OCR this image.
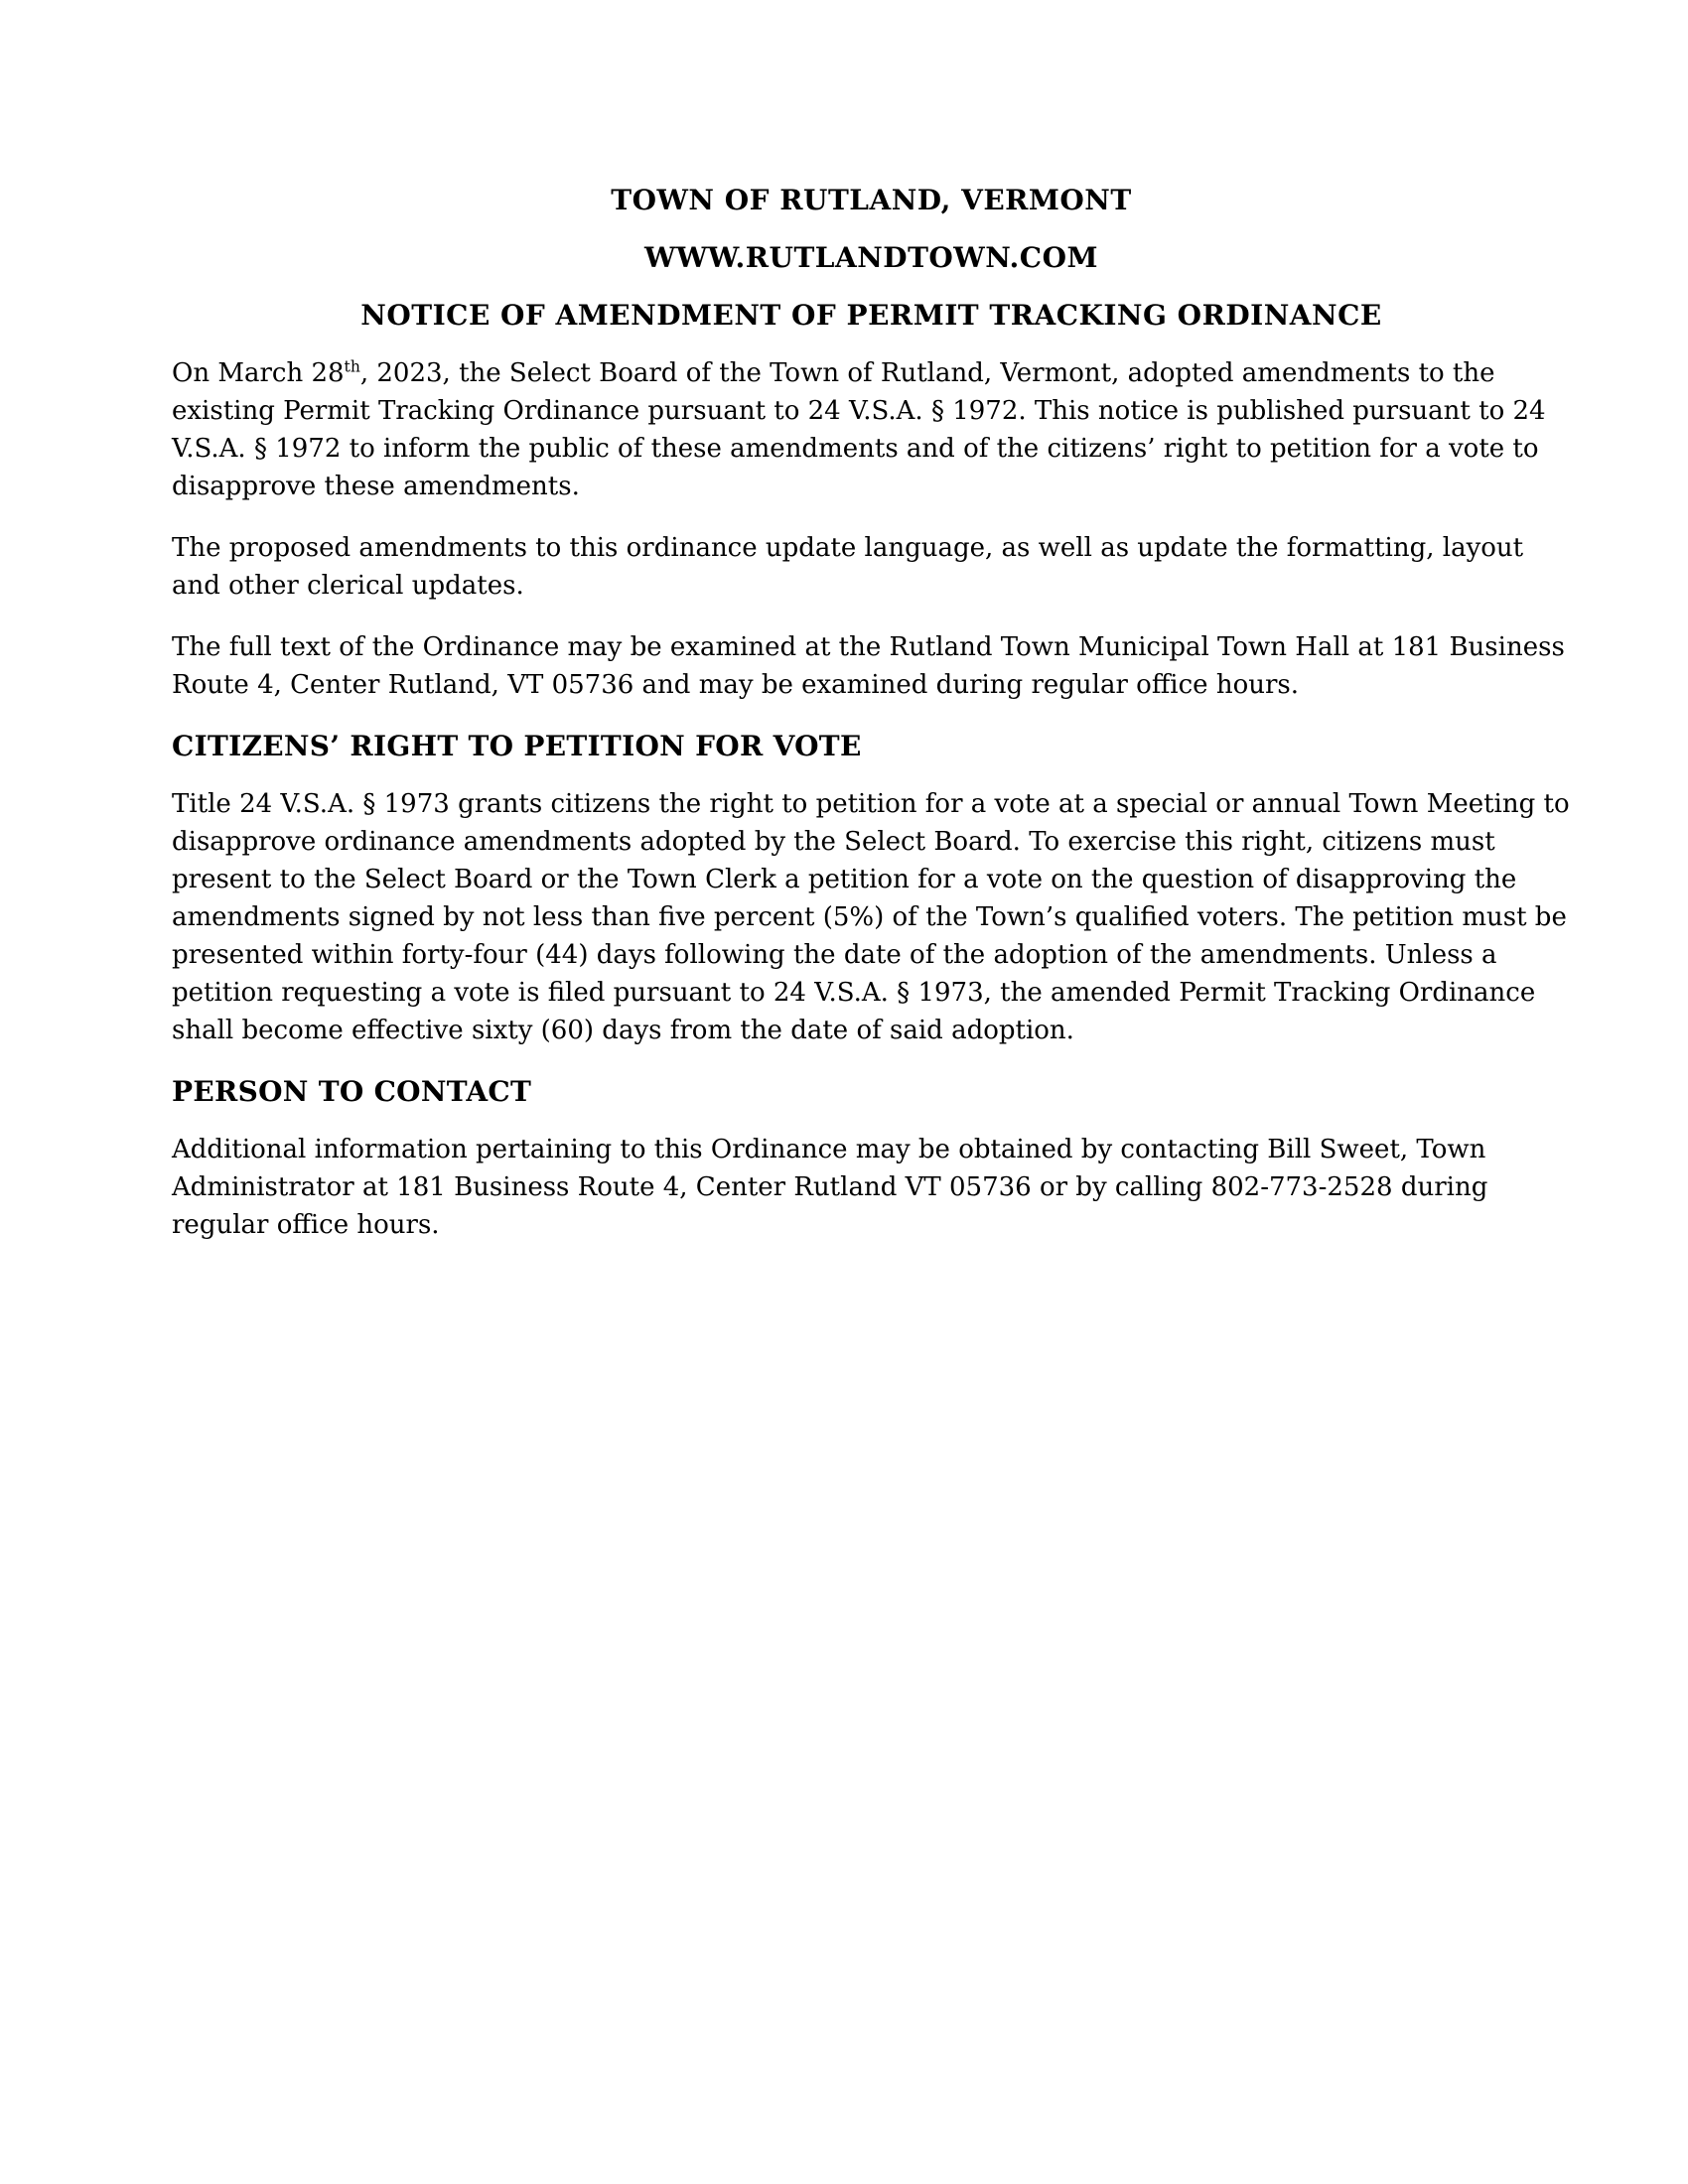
TOWN OF RUTLAND, VERMONT

WWW.RUTLANDTOWN.COM

NOTICE OF AMENDMENT OF PERMIT TRACKING ORDINANCE

On March 28th, 2023, the Select Board of the Town of Rutland, Vermont, adopted amendments to the existing Permit Tracking Ordinance pursuant to 24 V.S.A. § 1972. This notice is published pursuant to 24 V.S.A. § 1972 to inform the public of these amendments and of the citizens’ right to petition for a vote to disapprove these amendments.

The proposed amendments to this ordinance update language, as well as update the formatting, layout and other clerical updates.

The full text of the Ordinance may be examined at the Rutland Town Municipal Town Hall at 181 Business Route 4, Center Rutland, VT 05736 and may be examined during regular office hours.

CITIZENS’ RIGHT TO PETITION FOR VOTE

Title 24 V.S.A. § 1973 grants citizens the right to petition for a vote at a special or annual Town Meeting to disapprove ordinance amendments adopted by the Select Board. To exercise this right, citizens must present to the Select Board or the Town Clerk a petition for a vote on the question of disapproving the amendments signed by not less than five percent (5%) of the Town’s qualified voters. The petition must be presented within forty-four (44) days following the date of the adoption of the amendments. Unless a petition requesting a vote is filed pursuant to 24 V.S.A. § 1973, the amended Permit Tracking Ordinance shall become effective sixty (60) days from the date of said adoption.

PERSON TO CONTACT

Additional information pertaining to this Ordinance may be obtained by contacting Bill Sweet, Town Administrator at 181 Business Route 4, Center Rutland VT 05736 or by calling 802-773-2528 during regular office hours.
